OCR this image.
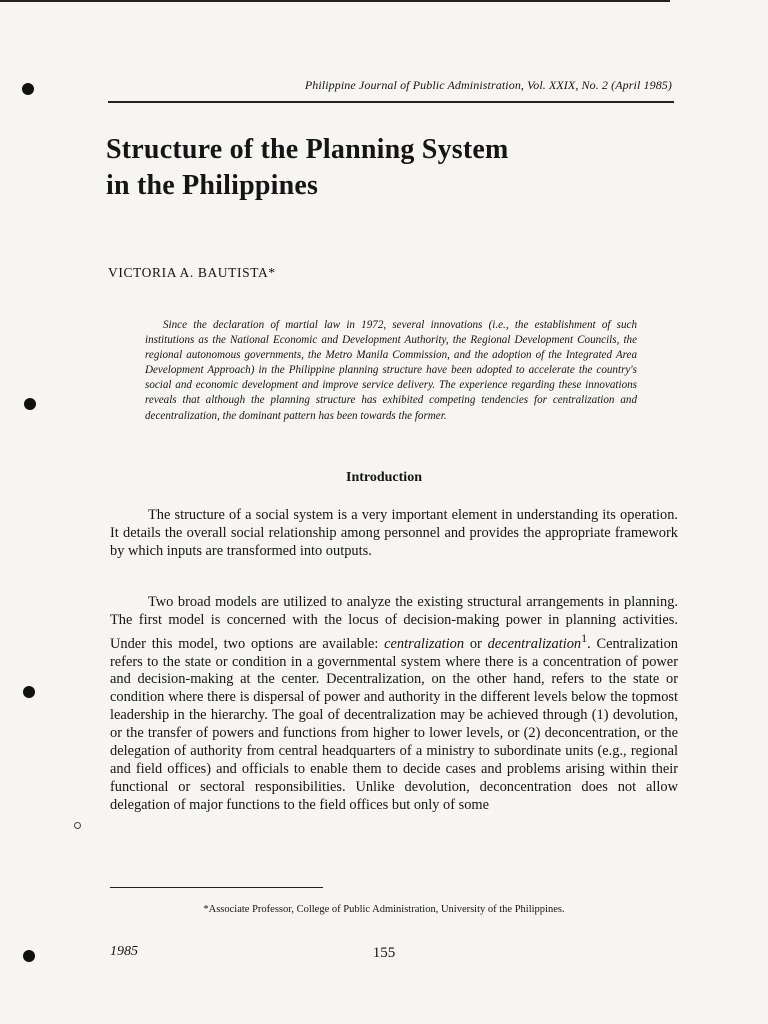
Philippine Journal of Public Administration, Vol. XXIX, No. 2 (April 1985)
Structure of the Planning System
in the Philippines
VICTORIA A. BAUTISTA*

Since the declaration of martial law in 1972, several innovations (i.e., the establishment of such institutions as the National Economic and Development Authority, the Regional Development Councils, the regional autonomous governments, the Metro Manila Commission, and the adoption of the Integrated Area Development Approach) in the Philippine planning structure have been adopted to accelerate the country's social and economic development and improve service delivery. The experience regarding these innovations reveals that although the planning structure has exhibited competing tendencies for centralization and decentralization, the dominant pattern has been towards the former.

Introduction

The structure of a social system is a very important element in understanding its operation. It details the overall social relationship among personnel and provides the appropriate framework by which inputs are transformed into outputs.

Two broad models are utilized to analyze the existing structural arrangements in planning. The first model is concerned with the locus of decision-making power in planning activities. Under this model, two options are available: centralization or decentralization$^1$. Centralization refers to the state or condition in a governmental system where there is a concentration of power and decision-making at the center. Decentralization, on the other hand, refers to the state or condition where there is dispersal of power and authority in the different levels below the topmost leadership in the hierarchy. The goal of decentralization may be achieved through (1) devolution, or the transfer of powers and functions from higher to lower levels, or (2) deconcentration, or the delegation of authority from central headquarters of a ministry to subordinate units (e.g., regional and field offices) and officials to enable them to decide cases and problems arising within their functional or sectoral responsibilities. Unlike devolution, deconcentration does not allow delegation of major functions to the field offices but only of some

*Associate Professor, College of Public Administration, University of the Philippines.
1985	155
